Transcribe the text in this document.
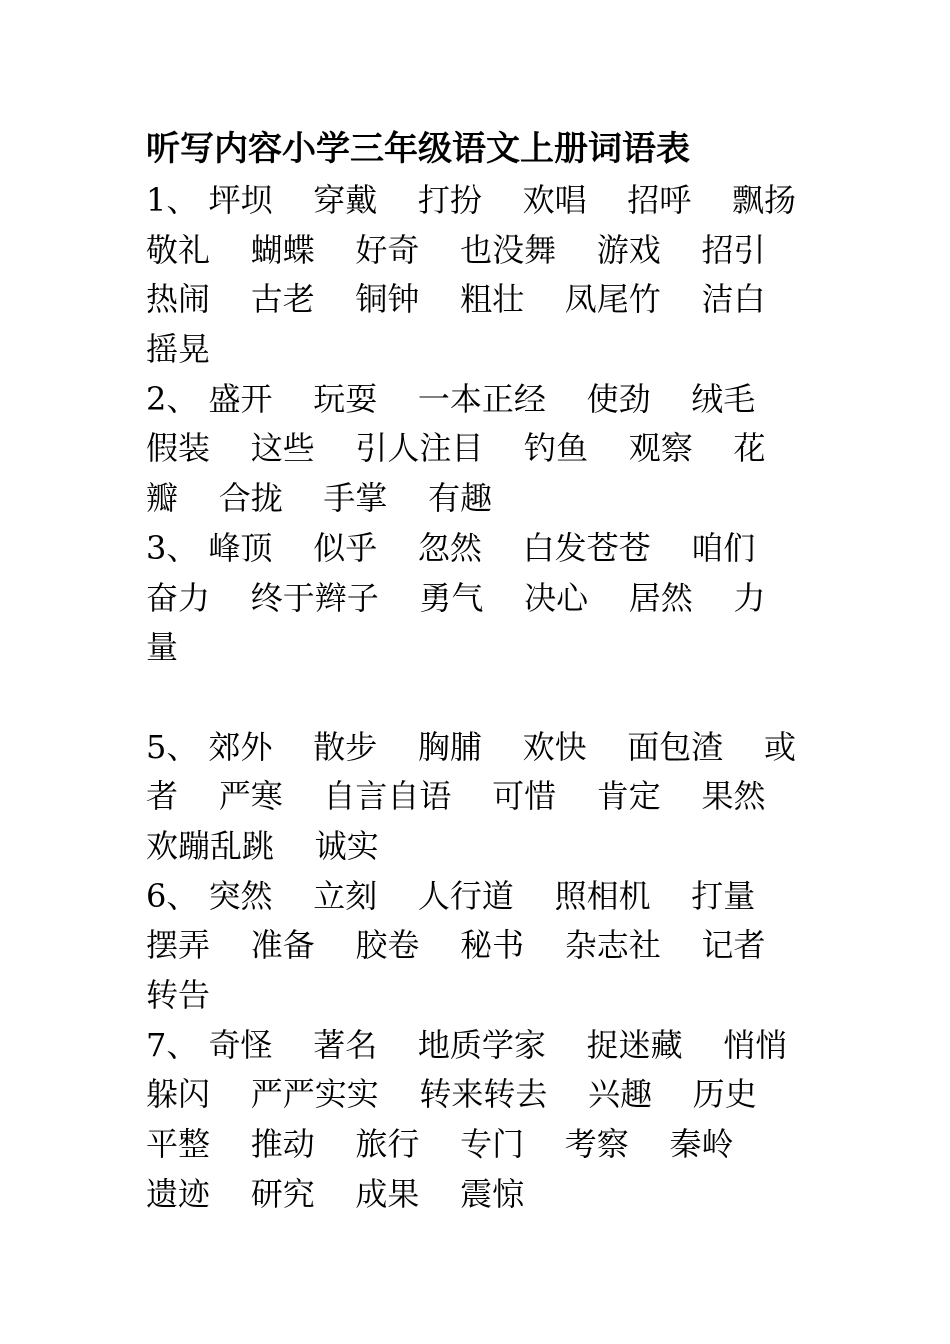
听写内容小学三年级语文上册词语表
1、 坪坝    穿戴    打扮    欢唱    招呼    飘扬
敬礼    蝴蝶    好奇    也没舞    游戏    招引
热闹    古老    铜钟    粗壮    凤尾竹    洁白
摇晃
2、 盛开    玩耍    一本正经    使劲    绒毛
假装    这些    引人注目    钓鱼    观察    花
瓣    合拢    手掌    有趣
3、 峰顶    似乎    忽然    白发苍苍    咱们
奋力    终于辫子    勇气    决心    居然    力
量
5、 郊外    散步    胸脯    欢快    面包渣    或
者    严寒    自言自语    可惜    肯定    果然
欢蹦乱跳    诚实
6、 突然    立刻    人行道    照相机    打量
摆弄    准备    胶卷    秘书    杂志社    记者
转告
7、 奇怪    著名    地质学家    捉迷藏    悄悄
躲闪    严严实实    转来转去    兴趣    历史
平整    推动    旅行    专门    考察    秦岭
遗迹    研究    成果    震惊
